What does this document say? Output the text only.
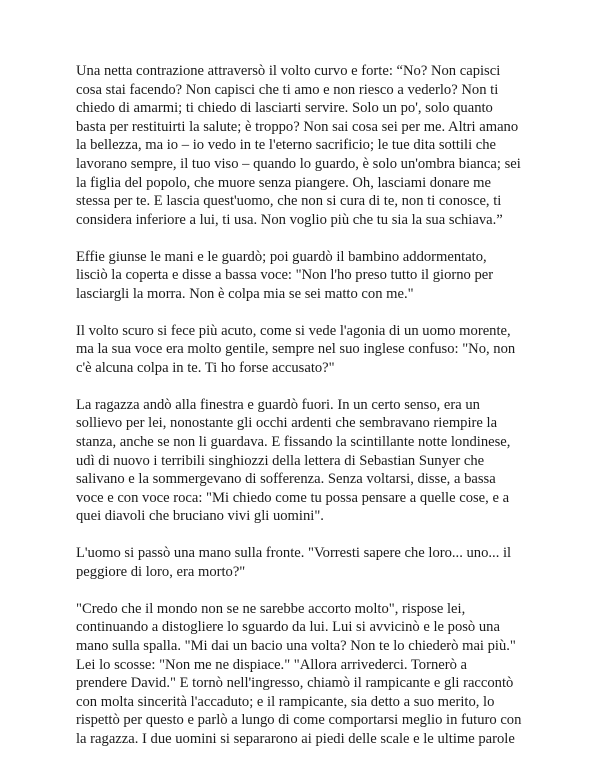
Una netta contrazione attraversò il volto curvo e forte: “No? Non capisci
cosa stai facendo? Non capisci che ti amo e non riesco a vederlo? Non ti
chiedo di amarmi; ti chiedo di lasciarti servire. Solo un po', solo quanto
basta per restituirti la salute; è troppo? Non sai cosa sei per me. Altri amano
la bellezza, ma io – io vedo in te l'eterno sacrificio; le tue dita sottili che
lavorano sempre, il tuo viso – quando lo guardo, è solo un'ombra bianca; sei
la figlia del popolo, che muore senza piangere. Oh, lasciami donare me
stessa per te. E lascia quest'uomo, che non si cura di te, non ti conosce, ti
considera inferiore a lui, ti usa. Non voglio più che tu sia la sua schiava.”

Effie giunse le mani e le guardò; poi guardò il bambino addormentato,
lisciò la coperta e disse a bassa voce: "Non l'ho preso tutto il giorno per
lasciargli la morra. Non è colpa mia se sei matto con me."

Il volto scuro si fece più acuto, come si vede l'agonia di un uomo morente,
ma la sua voce era molto gentile, sempre nel suo inglese confuso: "No, non
c'è alcuna colpa in te. Ti ho forse accusato?"

La ragazza andò alla finestra e guardò fuori. In un certo senso, era un
sollievo per lei, nonostante gli occhi ardenti che sembravano riempire la
stanza, anche se non li guardava. E fissando la scintillante notte londinese,
udì di nuovo i terribili singhiozzi della lettera di Sebastian Sunyer che
salivano e la sommergevano di sofferenza. Senza voltarsi, disse, a bassa
voce e con voce roca: "Mi chiedo come tu possa pensare a quelle cose, e a
quei diavoli che bruciano vivi gli uomini".

L'uomo si passò una mano sulla fronte. "Vorresti sapere che loro... uno... il
peggiore di loro, era morto?"

"Credo che il mondo non se ne sarebbe accorto molto", rispose lei,
continuando a distogliere lo sguardo da lui. Lui si avvicinò e le posò una
mano sulla spalla. "Mi dai un bacio una volta? Non te lo chiederò mai più."
Lei lo scosse: "Non me ne dispiace." "Allora arrivederci. Tornerò a
prendere David." E tornò nell'ingresso, chiamò il rampicante e gli raccontò
con molta sincerità l'accaduto; e il rampicante, sia detto a suo merito, lo
rispettò per questo e parlò a lungo di come comportarsi meglio in futuro con
la ragazza. I due uomini si separarono ai piedi delle scale e le ultime parole
